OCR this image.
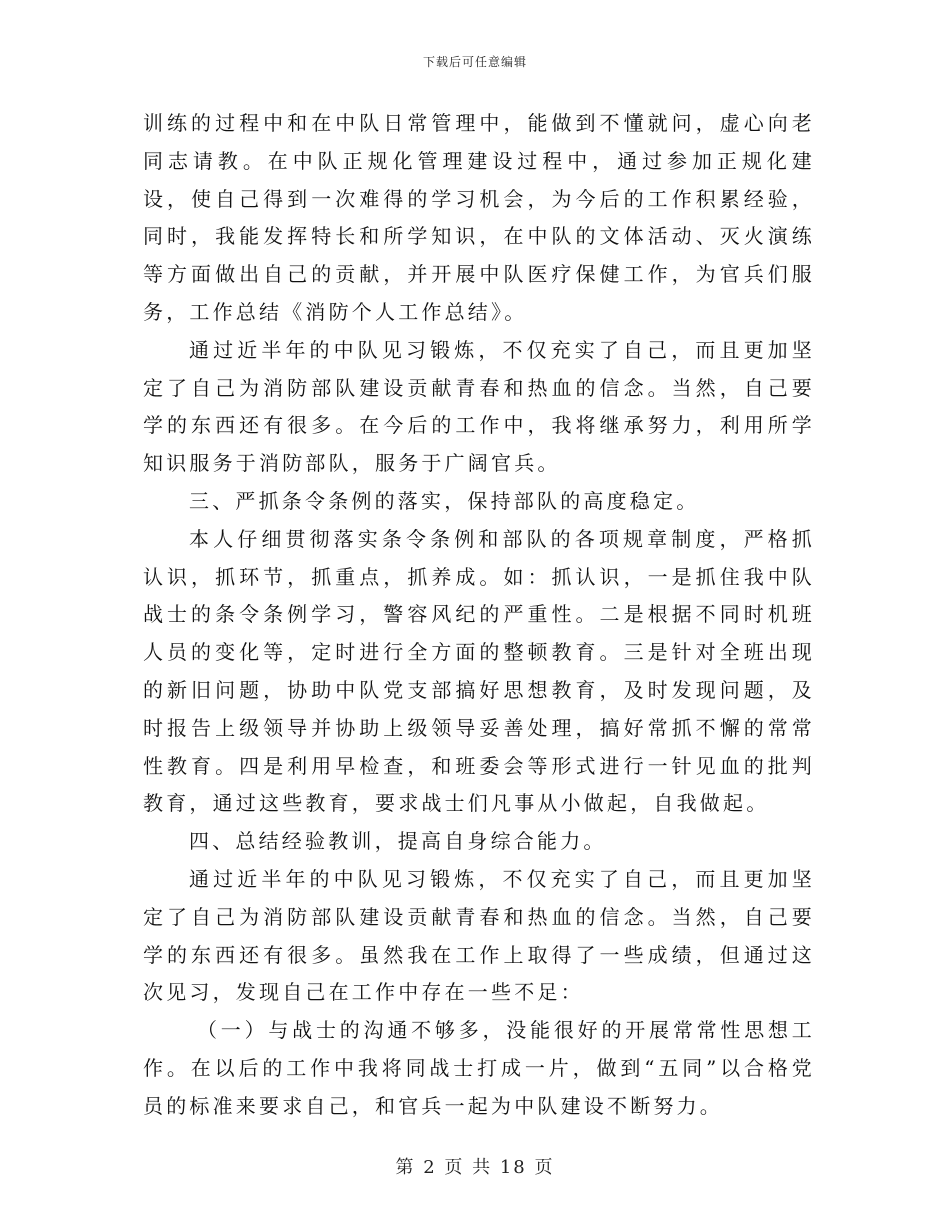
下载后可任意编辑

训练的过程中和在中队日常管理中，能做到不懂就问，虚心向老同志请教。在中队正规化管理建设过程中，通过参加正规化建设，使自己得到一次难得的学习机会，为今后的工作积累经验，同时，我能发挥特长和所学知识，在中队的文体活动、灭火演练等方面做出自己的贡献，并开展中队医疗保健工作，为官兵们服务，工作总结《消防个人工作总结》。

通过近半年的中队见习锻炼，不仅充实了自己，而且更加坚定了自己为消防部队建设贡献青春和热血的信念。当然，自己要学的东西还有很多。在今后的工作中，我将继承努力，利用所学知识服务于消防部队，服务于广阔官兵。

三、严抓条令条例的落实，保持部队的高度稳定。

本人仔细贯彻落实条令条例和部队的各项规章制度，严格抓认识，抓环节，抓重点，抓养成。如：抓认识，一是抓住我中队战士的条令条例学习，警容风纪的严重性。二是根据不同时机班人员的变化等，定时进行全方面的整顿教育。三是针对全班出现的新旧问题，协助中队党支部搞好思想教育，及时发现问题，及时报告上级领导并协助上级领导妥善处理，搞好常抓不懈的常常性教育。四是利用早检查，和班委会等形式进行一针见血的批判教育，通过这些教育，要求战士们凡事从小做起，自我做起。

四、总结经验教训，提高自身综合能力。

通过近半年的中队见习锻炼，不仅充实了自己，而且更加坚定了自己为消防部队建设贡献青春和热血的信念。当然，自己要学的东西还有很多。虽然我在工作上取得了一些成绩，但通过这次见习，发现自己在工作中存在一些不足：

（一）与战士的沟通不够多，没能很好的开展常常性思想工作。在以后的工作中我将同战士打成一片，做到“五同”以合格党员的标准来要求自己，和官兵一起为中队建设不断努力。

第 2 页 共 18 页
